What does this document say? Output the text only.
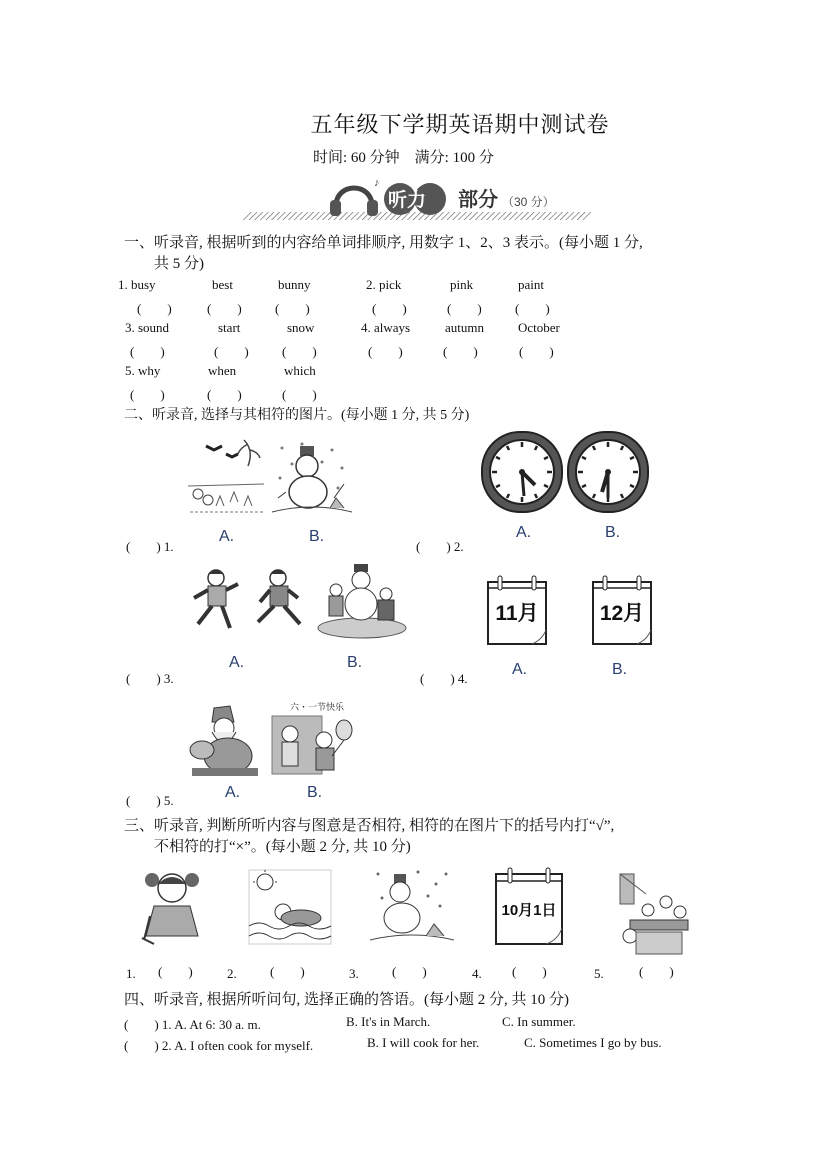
五年级下学期英语期中测试卷
时间: 60 分钟　满分: 100 分
♪
听力 部分 （30 分）
一、听录音, 根据听到的内容给单词排顺序, 用数字 1、2、3 表示。(每小题 1 分,
共 5 分)
1. busy	best	bunny	2. pick	pink	paint
(　　)	(　　)	(　　)	(　　)	(　　)	(　　)
3. sound	start	snow	4. always	autumn	October
(　　)	(　　)	(　　)	(　　)	(　　)	(　　)
5. why	when	which
(　　)	(　　)	(　　)
二、听录音, 选择与其相符的图片。(每小题 1 分, 共 5 分)
A.	B.
(　　) 1.
A.	B.
(　　) 2.
A.	B.
(　　) 3.
11月	12月
A.	B.
(　　) 4.
六・一节快乐
A.	B.
(　　) 5.
三、听录音, 判断所听内容与图意是否相符, 相符的在图片下的括号内打“√”,
不相符的打“×”。(每小题 2 分, 共 10 分)
10月1日
1. (　　)	2.	(　　)	3.	(　　)	4. (　　)	5.	(　　)
四、听录音, 根据所听问句, 选择正确的答语。(每小题 2 分, 共 10 分)
(　　) 1. A. At 6: 30 a. m.	B. It's in March.	C. In summer.
(　　) 2. A. I often cook for myself.	B. I will cook for her.	C. Sometimes I go by bus.
